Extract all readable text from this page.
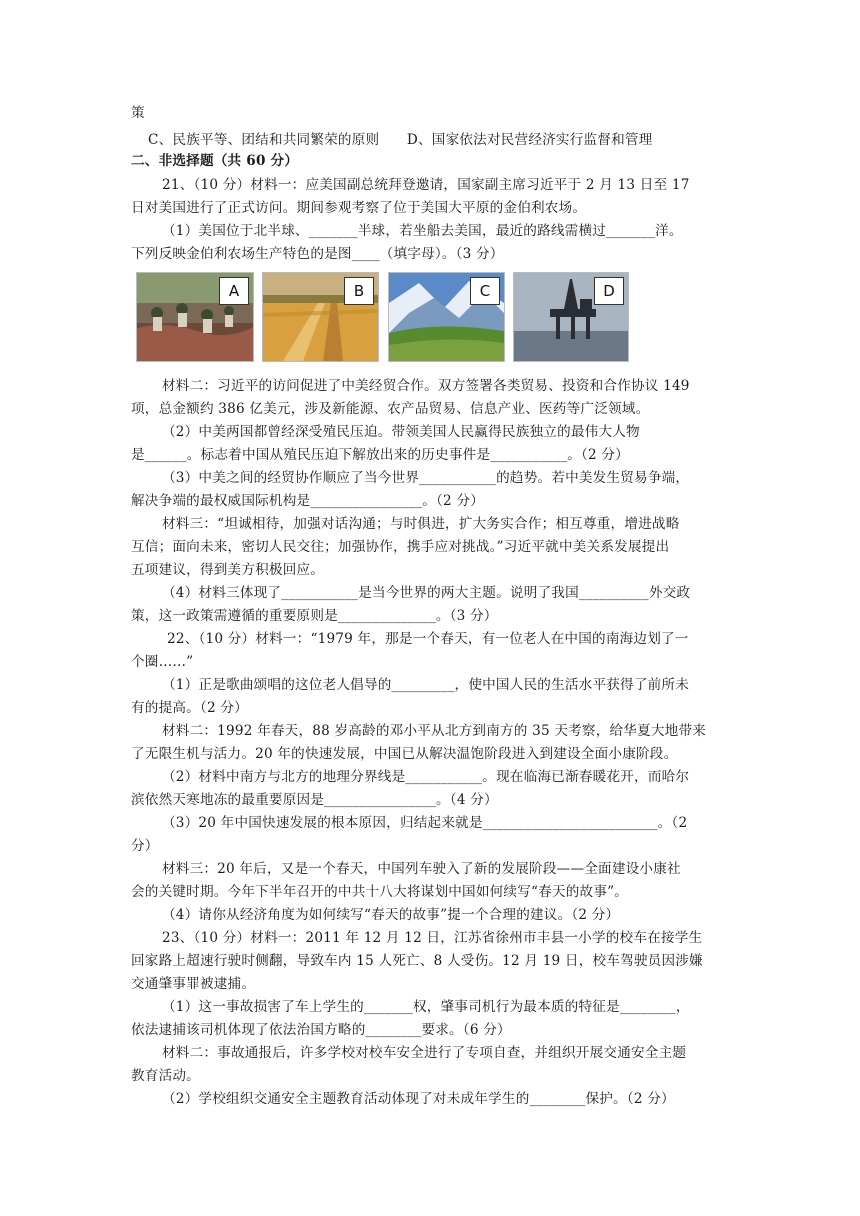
策
C、民族平等、团结和共同繁荣的原则　　D、国家依法对民营经济实行监督和管理
二、非选择题（共 60 分）
21、（10 分）材料一：应美国副总统拜登邀请，国家副主席习近平于 2 月 13 日至 17
日对美国进行了正式访问。期间参观考察了位于美国大平原的金伯利农场。
（1）美国位于北半球、_______半球，若坐船去美国，最近的路线需横过_______洋。
下列反映金伯利农场生产特色的是图____（填字母）。（3 分）
A	B	C	D
材料二：习近平的访问促进了中美经贸合作。双方签署各类贸易、投资和合作协议 149
项，总金额约 386 亿美元，涉及新能源、农产品贸易、信息产业、医药等广泛领域。
（2）中美两国都曾经深受殖民压迫。带领美国人民赢得民族独立的最伟大人物
是______。标志着中国从殖民压迫下解放出来的历史事件是___________。（2 分）
（3）中美之间的经贸协作顺应了当今世界___________的趋势。若中美发生贸易争端，
解决争端的最权威国际机构是________________。（2 分）
材料三：“坦诚相待，加强对话沟通；与时俱进，扩大务实合作；相互尊重，增进战略
互信；面向未来，密切人民交往；加强协作，携手应对挑战。”习近平就中美关系发展提出
五项建议，得到美方积极回应。
（4）材料三体现了___________是当今世界的两大主题。说明了我国__________外交政
策，这一政策需遵循的重要原则是______________。（3 分）
22、（10 分）材料一：“1979 年，那是一个春天，有一位老人在中国的南海边划了一
个圈……”
（1）正是歌曲颂唱的这位老人倡导的_________，使中国人民的生活水平获得了前所未
有的提高。（2 分）
材料二：1992 年春天，88 岁高龄的邓小平从北方到南方的 35 天考察，给华夏大地带来
了无限生机与活力。20 年的快速发展，中国已从解决温饱阶段进入到建设全面小康阶段。
（2）材料中南方与北方的地理分界线是___________。现在临海已渐春暖花开，而哈尔
滨依然天寒地冻的最重要原因是________________。（4 分）
（3）20 年中国快速发展的根本原因，归结起来就是_________________________。（2
分）
材料三：20 年后，又是一个春天，中国列车驶入了新的发展阶段——全面建设小康社
会的关键时期。今年下半年召开的中共十八大将谋划中国如何续写“春天的故事”。
（4）请你从经济角度为如何续写“春天的故事”提一个合理的建议。（2 分）
23、（10 分）材料一：2011 年 12 月 12 日，江苏省徐州市丰县一小学的校车在接学生
回家路上超速行驶时侧翻，导致车内 15 人死亡、8 人受伤。12 月 19 日，校车驾驶员因涉嫌
交通肇事罪被逮捕。
（1）这一事故损害了车上学生的_______权，肇事司机行为最本质的特征是________，
依法逮捕该司机体现了依法治国方略的________要求。（6 分）
材料二：事故通报后，许多学校对校车安全进行了专项自查，并组织开展交通安全主题
教育活动。
（2）学校组织交通安全主题教育活动体现了对未成年学生的________保护。（2 分）
